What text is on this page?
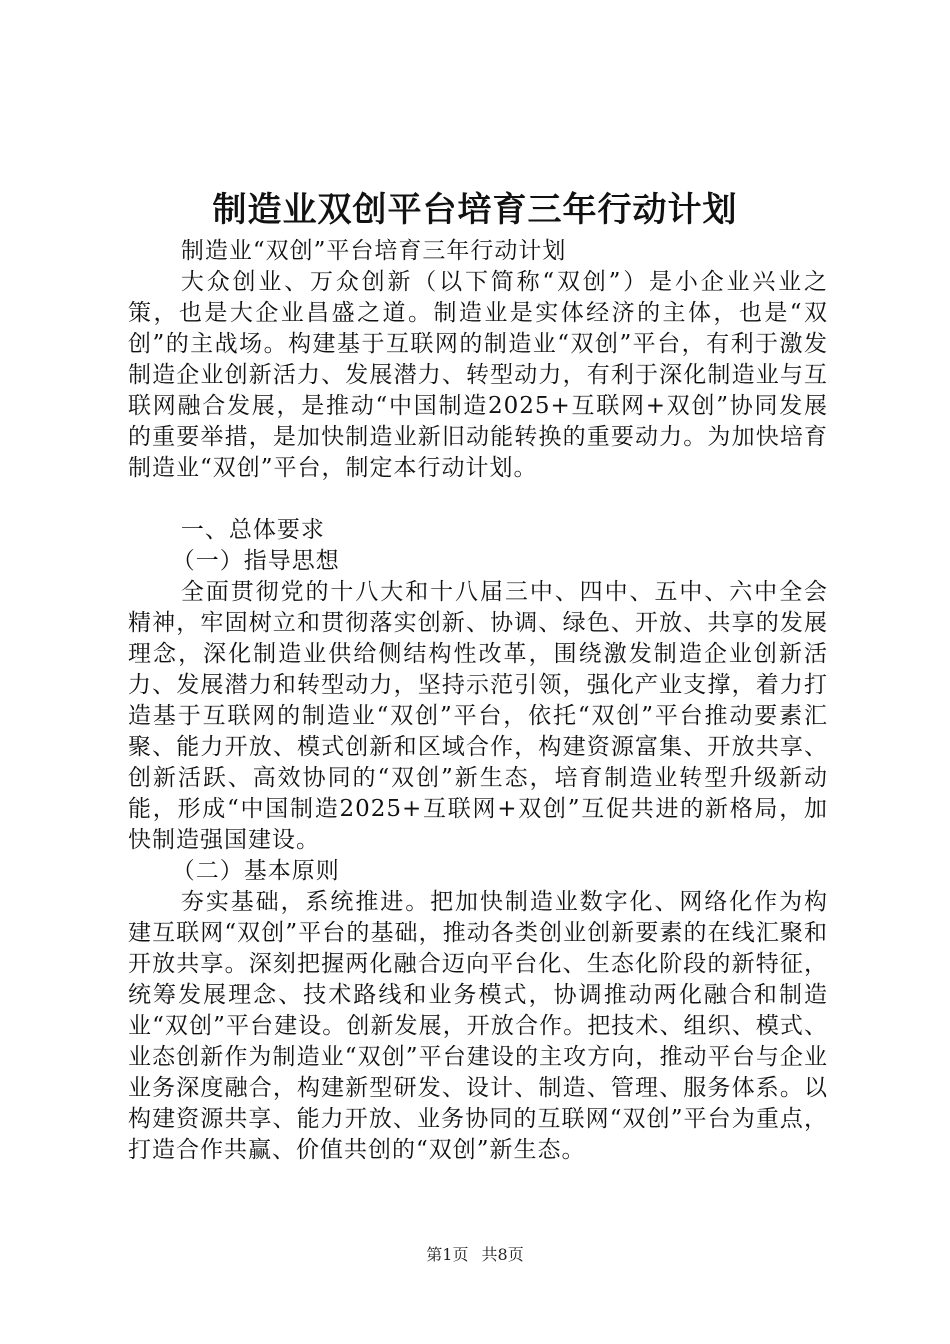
制造业双创平台培育三年行动计划

制造业“双创”平台培育三年行动计划

大众创业、万众创新（以下简称“双创”）是小企业兴业之策，也是大企业昌盛之道。制造业是实体经济的主体，也是“双创”的主战场。构建基于互联网的制造业“双创”平台，有利于激发制造企业创新活力、发展潜力、转型动力，有利于深化制造业与互联网融合发展，是推动“中国制造2025+互联网+双创”协同发展的重要举措，是加快制造业新旧动能转换的重要动力。为加快培育制造业“双创”平台，制定本行动计划。

一、总体要求

（一）指导思想

全面贯彻党的十八大和十八届三中、四中、五中、六中全会精神，牢固树立和贯彻落实创新、协调、绿色、开放、共享的发展理念，深化制造业供给侧结构性改革，围绕激发制造企业创新活力、发展潜力和转型动力，坚持示范引领，强化产业支撑，着力打造基于互联网的制造业“双创”平台，依托“双创”平台推动要素汇聚、能力开放、模式创新和区域合作，构建资源富集、开放共享、创新活跃、高效协同的“双创”新生态，培育制造业转型升级新动能，形成“中国制造2025+互联网+双创”互促共进的新格局，加快制造强国建设。

（二）基本原则

夯实基础，系统推进。把加快制造业数字化、网络化作为构建互联网“双创”平台的基础，推动各类创业创新要素的在线汇聚和开放共享。深刻把握两化融合迈向平台化、生态化阶段的新特征，统筹发展理念、技术路线和业务模式，协调推动两化融合和制造业“双创”平台建设。创新发展，开放合作。把技术、组织、模式、业态创新作为制造业“双创”平台建设的主攻方向，推动平台与企业业务深度融合，构建新型研发、设计、制造、管理、服务体系。以构建资源共享、能力开放、业务协同的互联网“双创”平台为重点，打造合作共赢、价值共创的“双创”新生态。

第1页 共8页
